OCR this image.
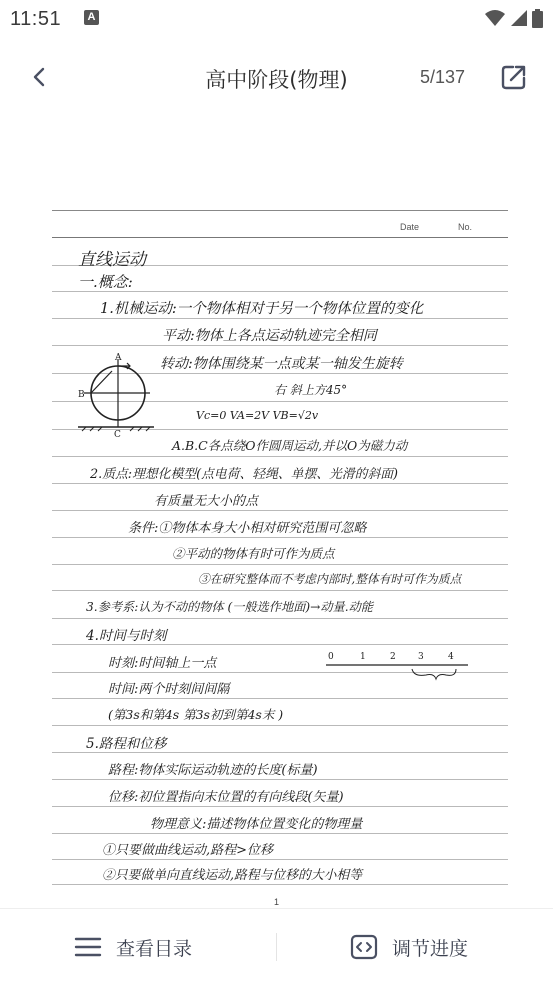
11:51	A
高中阶段(物理)	5/137
Date	No.
直线运动
一.概念:
1.机械运动:一个物体相对于另一个物体位置的变化
平动:物体上各点运动轨迹完全相同
转动:物体围绕某一点或某一轴发生旋转
右 斜上方45°
Vc=0 VA=2V VB=√2v
A.B.C各点绕O作圆周运动,并以O为磁力动
2.质点:理想化模型(点电荷、轻绳、单摆、光滑的斜面)
有质量无大小的点
条件:①物体本身大小相对研究范围可忽略
②平动的物体有时可作为质点
③在研究整体而不考虑内部时,整体有时可作为质点
3.参考系:认为不动的物体 (一般选作地面)→动量.动能
4.时间与时刻
时刻:时间轴上一点
时间:两个时刻间间隔
(第3s和第4s 第3s初到第4s末 )
5.路程和位移
路程:物体实际运动轨迹的长度(标量)
位移:初位置指向末位置的有向线段(矢量)
物理意义:描述物体位置变化的物理量
①只要做曲线运动,路程>位移
②只要做单向直线运动,路程与位移的大小相等
A
B
C
0	1	2 3	4
1
查看目录	调节进度
